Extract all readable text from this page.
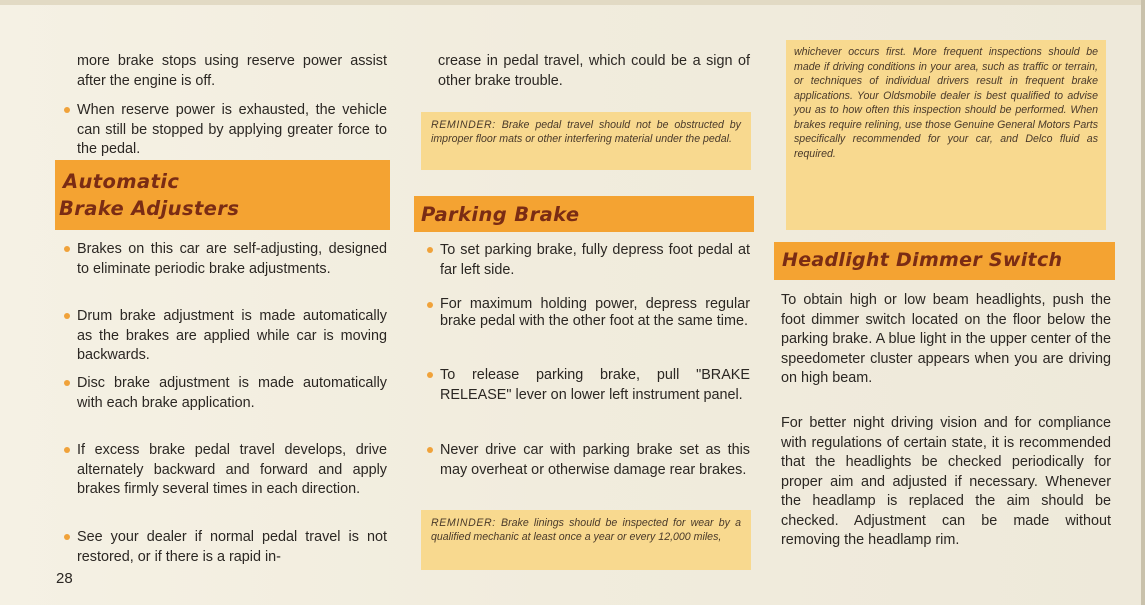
more brake stops using reserve power assist after the engine is off.

When reserve power is exhausted, the vehicle can still be stopped by applying greater force to the pedal.

Automatic
Brake Adjusters

Brakes on this car are self-adjusting, designed to eliminate periodic brake adjustments.

Drum brake adjustment is made automatically as the brakes are applied while car is moving backwards.

Disc brake adjustment is made automatically with each brake application.

If excess brake pedal travel develops, drive alternately backward and forward and apply brakes firmly several times in each direction.

See your dealer if normal pedal travel is not restored, or if there is a rapid in-

28

crease in pedal travel, which could be a sign of other brake trouble.

REMINDER: Brake pedal travel should not be obstructed by improper floor mats or other interfering material under the pedal.

Parking Brake

To set parking brake, fully depress foot pedal at far left side.

For maximum holding power, depress regular brake pedal with the other foot at the same time.

To release parking brake, pull "BRAKE RELEASE" lever on lower left instrument panel.

Never drive car with parking brake set as this may overheat or otherwise damage rear brakes.

REMINDER: Brake linings should be inspected for wear by a qualified mechanic at least once a year or every 12,000 miles,

whichever occurs first. More frequent inspections should be made if driving conditions in your area, such as traffic or terrain, or techniques of individual drivers result in frequent brake applications. Your Oldsmobile dealer is best qualified to advise you as to how often this inspection should be performed. When brakes require relining, use those Genuine General Motors Parts specifically recommended for your car, and Delco fluid as required.

Headlight Dimmer Switch

To obtain high or low beam headlights, push the foot dimmer switch located on the floor below the parking brake. A blue light in the upper center of the speedometer cluster appears when you are driving on high beam.

For better night driving vision and for compliance with regulations of certain state, it is recommended that the headlights be checked periodically for proper aim and adjusted if necessary. Whenever the headlamp is replaced the aim should be checked. Adjustment can be made without removing the headlamp rim.
